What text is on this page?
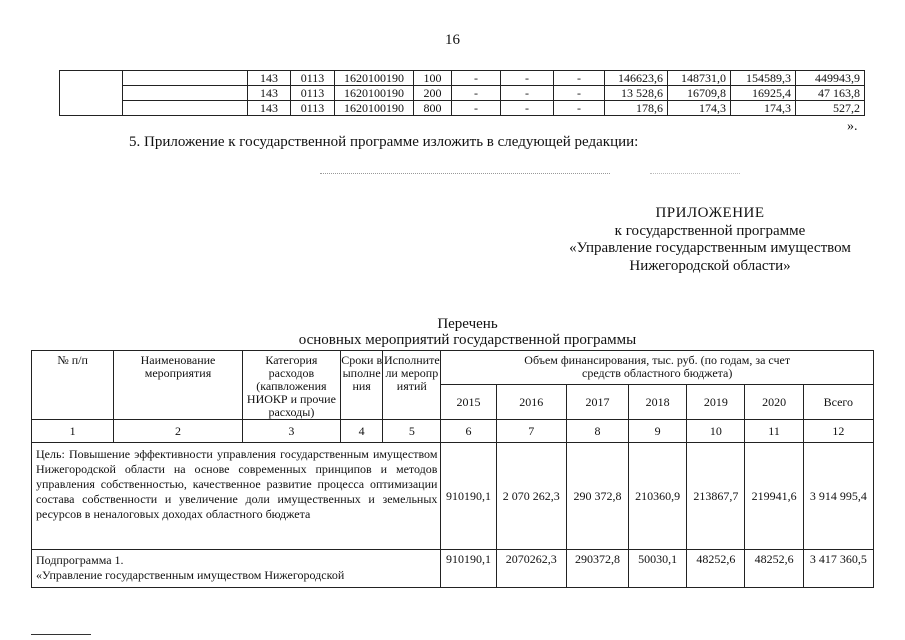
16
		143	0113	1620100190	100	-	-	-	146623,6	148731,0	154589,3	449943,9
		143	0113	1620100190	200	-	-	-	13 528,6	16709,8	16925,4	47 163,8
		143	0113	1620100190	800	-	-	-	178,6	174,3	174,3	527,2
».
5. Приложение к государственной программе изложить в следующей редакции:
ПРИЛОЖЕНИЕ
к государственной программе
«Управление государственным имуществом
Нижегородской области»
Перечень
основных мероприятий государственной программы
№ п/п	Наименование мероприятия	Категория расходов (капвложения НИОКР и прочие расходы)	Сроки выполнения	Исполнители мероприятий	Объем финансирования, тыс. руб. (по годам, за счет средств областного бюджета)						
					2015	2016	2017	2018	2019	2020	Всего
1	2	3	4	5	6	7	8	9	10	11	12
Цель: Повышение эффективности управления государственным имуществом Нижегородской области на основе современных принципов и методов управления собственностью, качественное развитие процесса оптимизации состава собственности и увеличение доли имущественных и земельных ресурсов в неналоговых доходах областного бюджета					910190,1	2 070 262,3	290 372,8	210360,9	213867,7	219941,6	3 914 995,4

Подпрограмма 1.
«Управление государственным имуществом Нижегородской					910190,1	2070262,3	290372,8	50030,1	48252,6	48252,6	3 417 360,5
